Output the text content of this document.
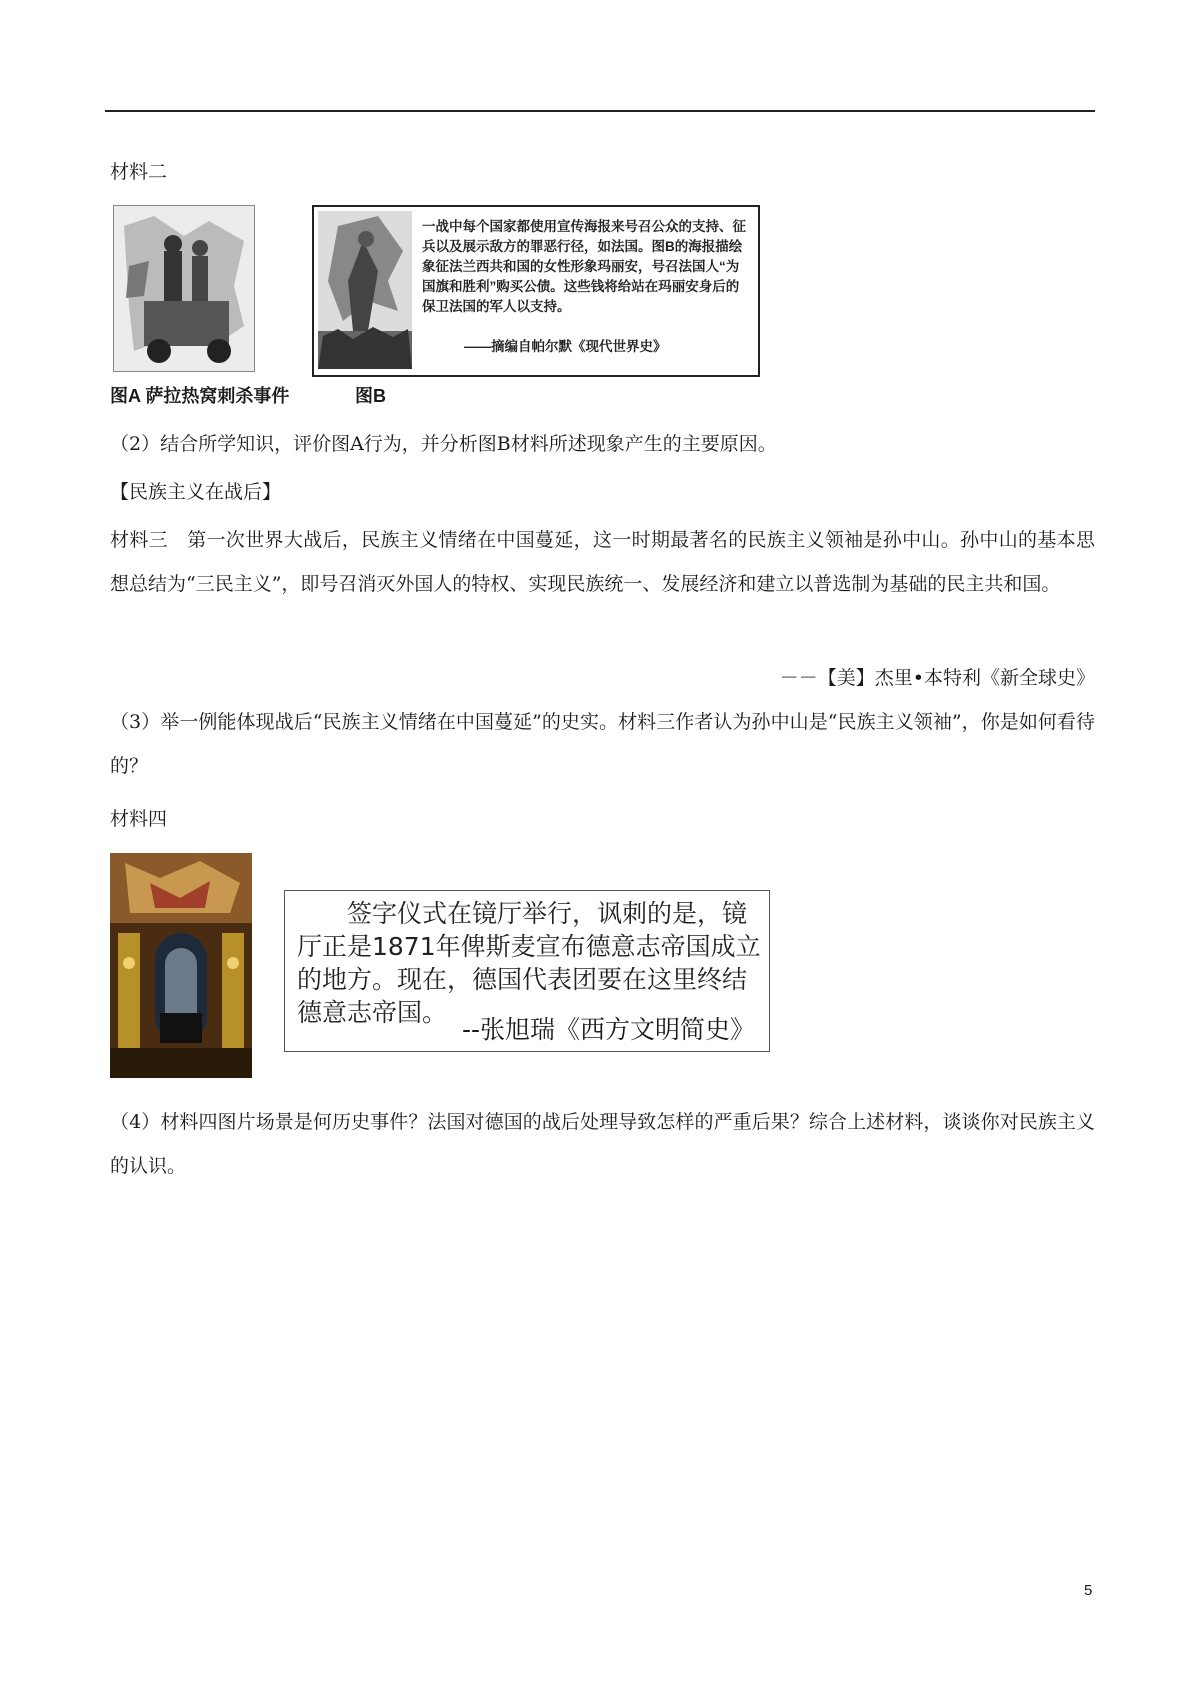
材料二
图A 萨拉热窝刺杀事件
一战中每个国家都使用宣传海报来号召公众的支持、征兵以及展示敌方的罪恶行径，如法国。图B的海报描绘象征法兰西共和国的女性形象玛丽安，号召法国人“为国旗和胜利”购买公债。这些钱将给站在玛丽安身后的保卫法国的军人以支持。
——摘编自帕尔默《现代世界史》
图B
（2）结合所学知识，评价图A行为，并分析图B材料所述现象产生的主要原因。
【民族主义在战后】
材料三　第一次世界大战后，民族主义情绪在中国蔓延，这一时期最著名的民族主义领袖是孙中山。孙中山的基本思想总结为“三民主义”，即号召消灭外国人的特权、实现民族统一、发展经济和建立以普选制为基础的民主共和国。
－－【美】杰里•本特利《新全球史》
（3）举一例能体现战后“民族主义情绪在中国蔓延”的史实。材料三作者认为孙中山是“民族主义领袖”，你是如何看待的？
材料四
　　签字仪式在镜厅举行，讽刺的是，镜厅正是1871年俾斯麦宣布德意志帝国成立的地方。现在，德国代表团要在这里终结德意志帝国。
--张旭瑞《西方文明简史》
（4）材料四图片场景是何历史事件？法国对德国的战后处理导致怎样的严重后果？综合上述材料，谈谈你对民族主义的认识。
5
